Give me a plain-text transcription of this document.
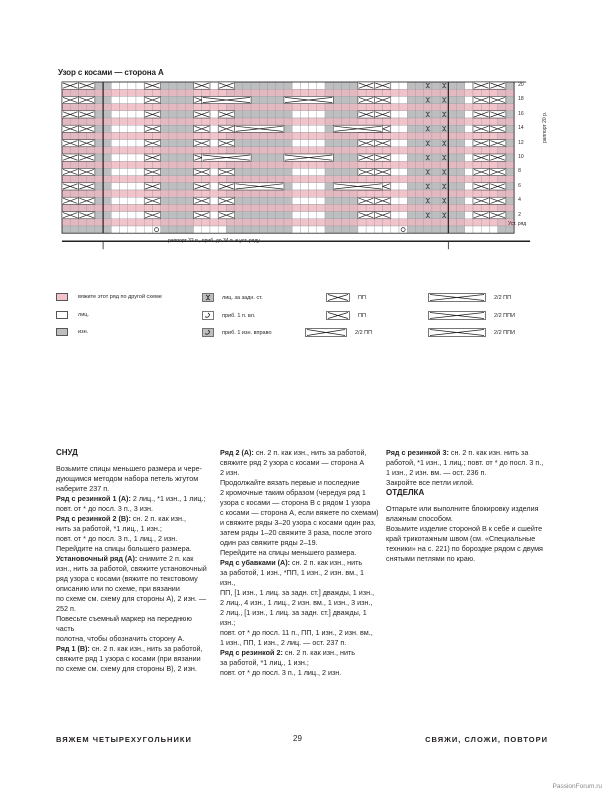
Узор с косами — сторона А
раппорт 20 р.
Уст. ряд
раппорт 32 п., приб. до 34 п. в уст. ряду
20
18
16
14
12
10
8
6
4
2
вяжите этот ряд по другой схеме
лиц.
изн.
лиц. за задн. ст.
приб. 1 п. вл.
приб. 1 изн. вправо
ПП
ПП
2/2 ПП
2/2 ПП
2/2 ППИ
2/2 ППИ

СНУД

Возьмите спицы меньшего размера и чере-

дующимся методом набора петель жгутом

наберите 237 п.

Ряд с резинкой 1 (А): 2 лиц., *1 изн., 1 лиц.;

повт. от * до посл. 3 п., 3 изн.

Ряд с резинкой 2 (В): сн. 2 п. как изн.,

нить за работой, *1 лиц., 1 изн.;

повт. от * до посл. 3 п., 1 лиц., 2 изн.

Перейдите на спицы большего размера.

Установочный ряд (А): снимите 2 п. как

изн., нить за работой, свяжите установочный

ряд узора с косами (вяжите по текстовому

описанию или по схеме, при вязании

по схеме см. схему для стороны А), 2 изн. — 252 п.

Повесьте съемный маркер на переднюю часть

полотна, чтобы обозначить сторону А.

Ряд 1 (В): сн. 2 п. как изн., нить за работой,

свяжите ряд 1 узора с косами (при вязании

по схеме см. схему для стороны В), 2 изн.

Ряд 2 (А): сн. 2 п. как изн., нить за работой,

свяжите ряд 2 узора с косами — сторона А

2 изн.

Продолжайте вязать первые и последние

2 кромочные таким образом (чередуя ряд 1

узора с косами — сторона В с рядом 1 узора

с косами — сторона А, если вяжете по схемам)

и свяжите ряды 3–20 узора с косами один раз,

затем ряды 1–20 свяжите 3 раза, после этого

один раз свяжите ряды 2–19.

Перейдите на спицы меньшего размера.

Ряд с убавками (А): сн. 2 п. как изн., нить

за работой, 1 изн., *ПП, 1 изн., 2 изн. вм., 1 изн.,

ПП, [1 изн., 1 лиц. за задн. ст.] дважды, 1 изн.,

2 лиц., 4 изн., 1 лиц., 2 изн. вм., 1 изн., 3 изн.,

2 лиц., [1 изн., 1 лиц. за задн. ст.] дважды, 1 изн.;

повт. от * до посл. 11 п., ПП, 1 изн., 2 изн. вм.,

1 изн., ПП, 1 изн., 2 лиц. — ост. 237 п.

Ряд с резинкой 2: сн. 2 п. как изн., нить

за работой, *1 лиц., 1 изн.;

повт. от * до посл. 3 п., 1 лиц., 2 изн.

Ряд с резинкой 3: сн. 2 п. как изн. нить за

работой, *1 изн., 1 лиц.; повт. от * до посл. 3 п.,

1 изн., 2 изн. вм. — ост. 236 п.

Закройте все петли иглой.

ОТДЕЛКА

Отпарьте или выполните блокировку изделия

влажным способом.

Возьмите изделие стороной В к себе и сшейте

край трикотажным швом (см. «Специальные

техники» на с. 221) по бороздке рядом с двумя

снятыми петлями по краю.

ВЯЖЕМ ЧЕТЫРЕХУГОЛЬНИКИ	29	СВЯЖИ, СЛОЖИ, ПОВТОРИ
PassionForum.ru
